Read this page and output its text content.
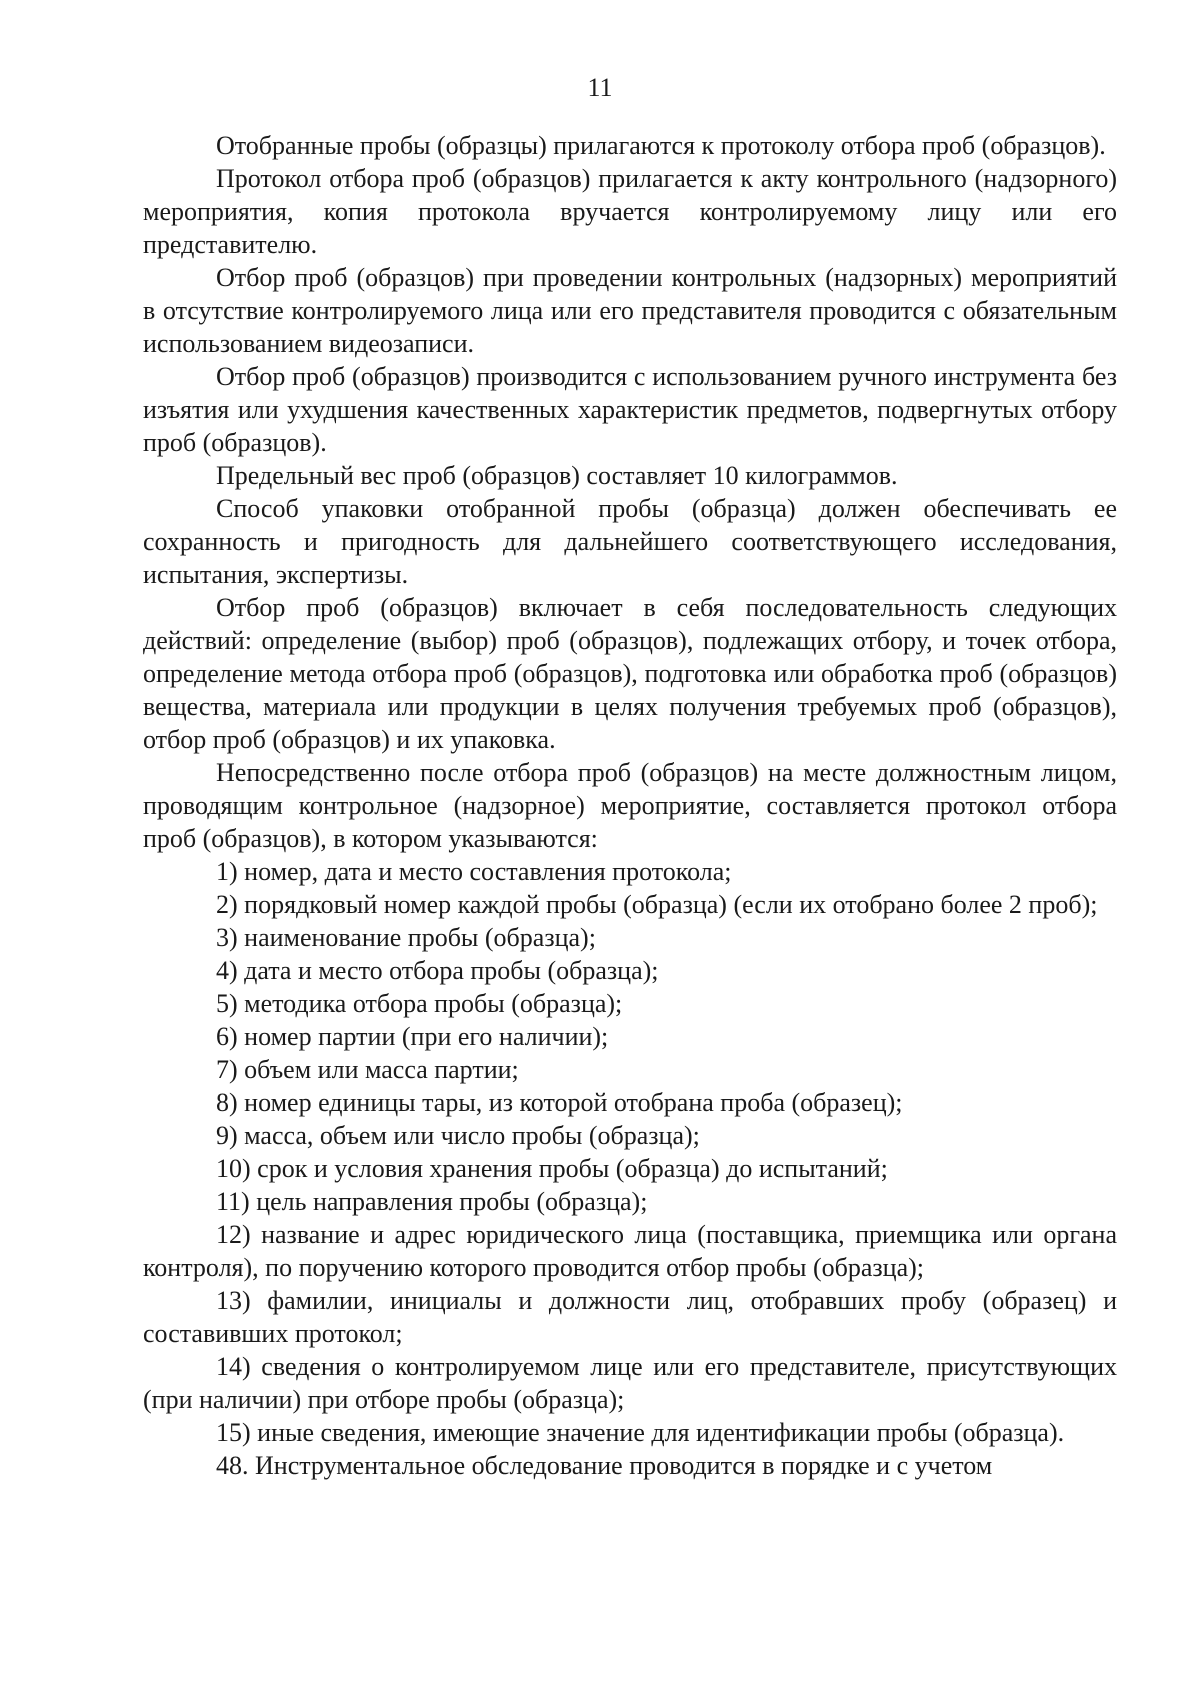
11

Отобранные пробы (образцы) прилагаются к протоколу отбора проб (образцов).

Протокол отбора проб (образцов) прилагается к акту контрольного (надзорного) мероприятия, копия протокола вручается контролируемому лицу или его представителю.

Отбор проб (образцов) при проведении контрольных (надзорных) мероприятий в отсутствие контролируемого лица или его представителя проводится с обязательным использованием видеозаписи.

Отбор проб (образцов) производится с использованием ручного инструмента без изъятия или ухудшения качественных характеристик предметов, подвергнутых отбору проб (образцов).

Предельный вес проб (образцов) составляет 10 килограммов.

Способ упаковки отобранной пробы (образца) должен обеспечивать ее сохранность и пригодность для дальнейшего соответствующего исследования, испытания, экспертизы.

Отбор проб (образцов) включает в себя последовательность следующих действий: определение (выбор) проб (образцов), подлежащих отбору, и точек отбора, определение метода отбора проб (образцов), подготовка или обработка проб (образцов) вещества, материала или продукции в целях получения требуемых проб (образцов), отбор проб (образцов) и их упаковка.

Непосредственно после отбора проб (образцов) на месте должностным лицом, проводящим контрольное (надзорное) мероприятие, составляется протокол отбора проб (образцов), в котором указываются:

1) номер, дата и место составления протокола;

2) порядковый номер каждой пробы (образца) (если их отобрано более 2 проб);

3) наименование пробы (образца);

4) дата и место отбора пробы (образца);

5) методика отбора пробы (образца);

6) номер партии (при его наличии);

7) объем или масса партии;

8) номер единицы тары, из которой отобрана проба (образец);

9) масса, объем или число пробы (образца);

10) срок и условия хранения пробы (образца) до испытаний;

11) цель направления пробы (образца);

12) название и адрес юридического лица (поставщика, приемщика или органа контроля), по поручению которого проводится отбор пробы (образца);

13) фамилии, инициалы и должности лиц, отобравших пробу (образец) и составивших протокол;

14) сведения о контролируемом лице или его представителе, присутствующих (при наличии) при отборе пробы (образца);

15) иные сведения, имеющие значение для идентификации пробы (образца).

48. Инструментальное обследование проводится в порядке и с учетом
